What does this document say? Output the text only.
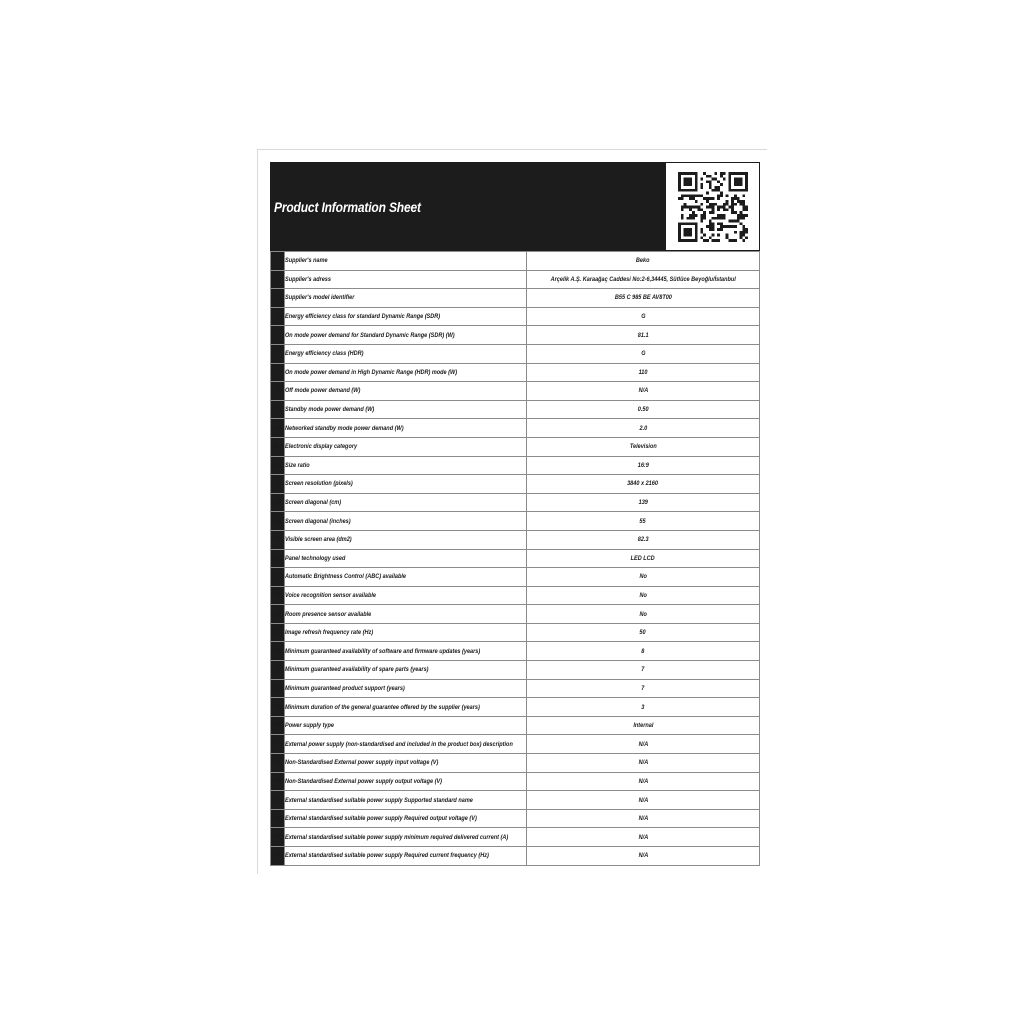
Product Information Sheet
1	Supplier's name	Beko
2	Supplier's adress	Arçelik A.Ş. Karaağaç Caddesi No:2-6,34445, Sütlüce Beyoğlu/İstanbul
3	Supplier's model identifier	B55 C 985 BE AV8T00
4	Energy efficiency class for standard Dynamic Range (SDR)	G
5	On mode power demand for Standard Dynamic Range (SDR) (W)	81.1
6	Energy efficiency class (HDR)	G
7	On mode power demand in High Dynamic Range (HDR) mode (W)	110
8	Off mode power demand (W)	N/A
9	Standby mode power demand (W)	0.50
10	Networked standby mode power demand (W)	2.0
11	Electronic display category	Television
12	Size ratio	16:9
13	Screen resolution (pixels)	3840 x 2160
14	Screen diagonal (cm)	139
15	Screen diagonal (inches)	55
16	Visible screen area (dm2)	82.3
17	Panel technology used	LED LCD
18	Automatic Brightness Control (ABC) available	No
19	Voice recognition sensor available	No
20	Room presence sensor available	No
21	Image refresh frequency rate (Hz)	50
22	Minimum guaranteed availability of software and firmware updates (years)	8
23	Minimum guaranteed availability of spare parts (years)	7
24	Minimum guaranteed product support (years)	7
25	Minimum duration of the general guarantee offered by the supplier (years)	3
26	Power supply type	Internal
27	External power supply (non-standardised and included in the product box) description	N/A
28	Non-Standardised External power supply input voltage (V)	N/A
29	Non-Standardised External power supply output voltage (V)	N/A
30	External standardised suitable power supply Supported standard name	N/A
31	External standardised suitable power supply Required output voltage (V)	N/A
32	External standardised suitable power supply minimum required delivered current (A)	N/A
33	External standardised suitable power supply Required current frequency (Hz)	N/A
